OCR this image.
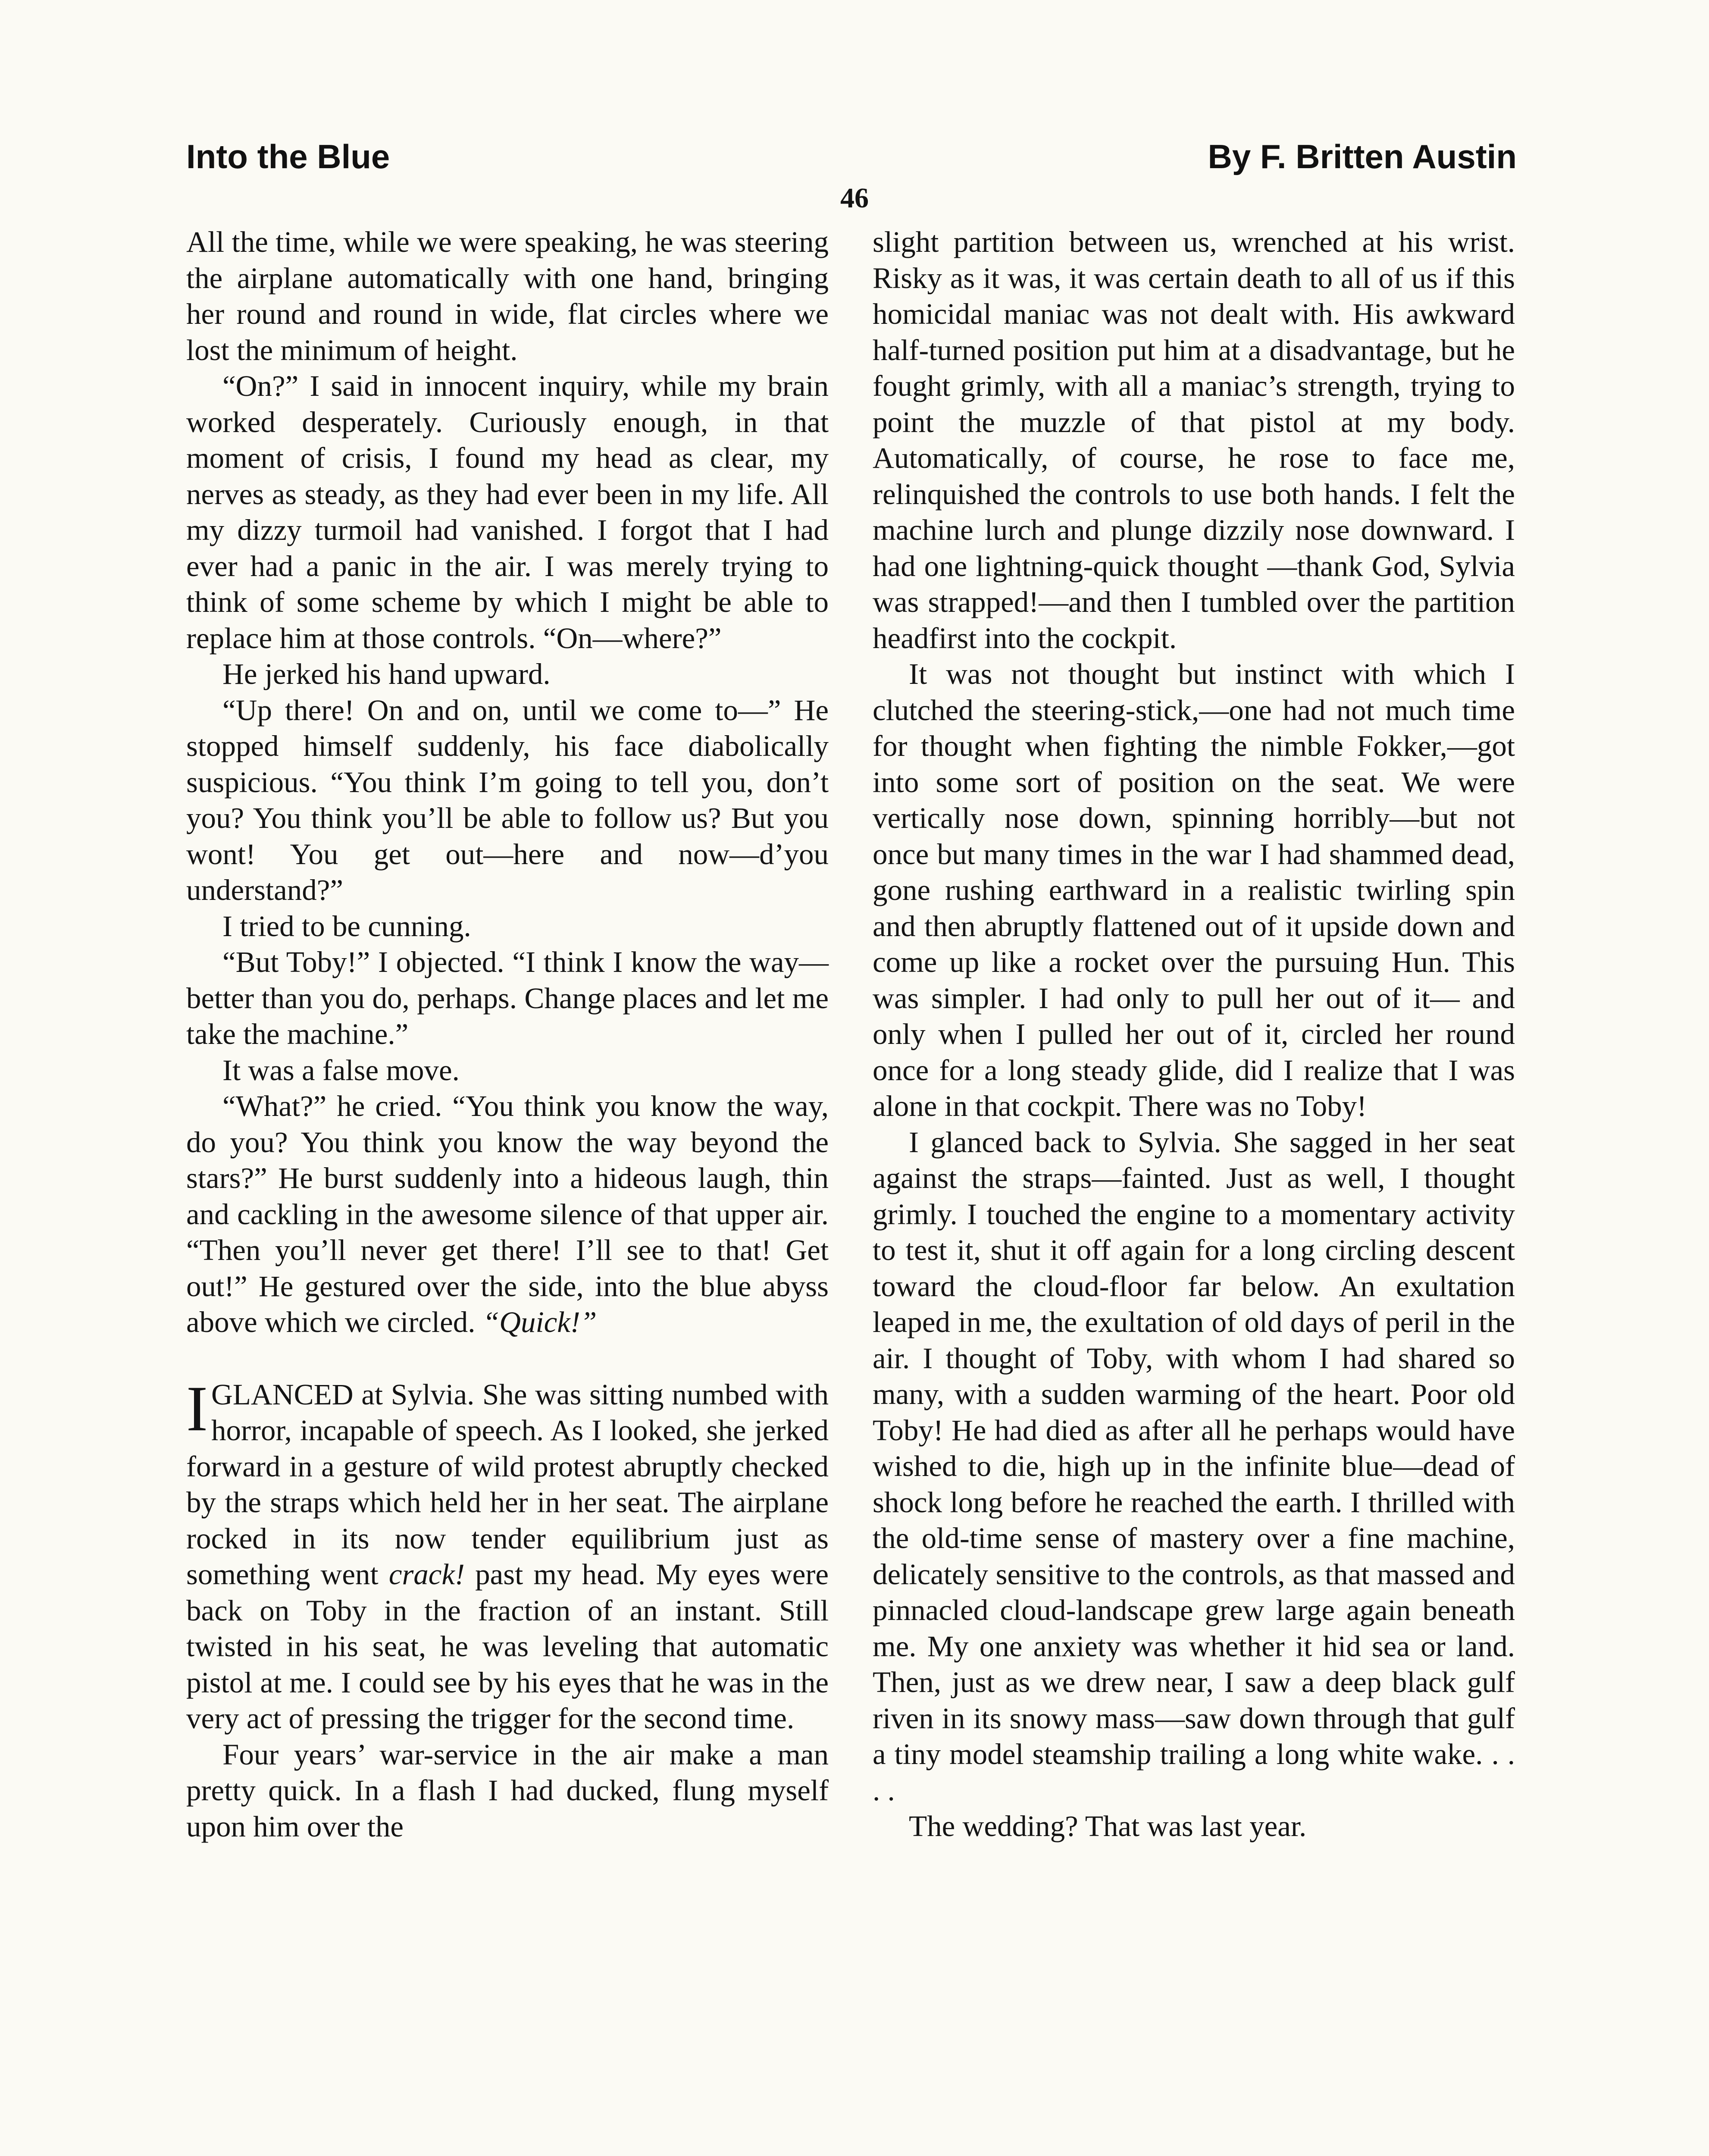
Into the Blue	By F. Britten Austin
46

All the time, while we were speaking, he was steering the airplane automatically with one hand, bringing her round and round in wide, flat circles where we lost the minimum of height.

“On?” I said in innocent inquiry, while my brain worked desperately. Curiously enough, in that moment of crisis, I found my head as clear, my nerves as steady, as they had ever been in my life. All my dizzy turmoil had vanished. I forgot that I had ever had a panic in the air. I was merely trying to think of some scheme by which I might be able to replace him at those controls. “On—where?”

He jerked his hand upward.

“Up there! On and on, until we come to—” He stopped himself suddenly, his face diabolically suspicious. “You think I’m going to tell you, don’t you? You think you’ll be able to follow us? But you wont! You get out—here and now—d’you understand?”

I tried to be cunning.

“But Toby!” I objected. “I think I know the way—better than you do, perhaps. Change places and let me take the machine.”

It was a false move.

“What?” he cried. “You think you know the way, do you? You think you know the way beyond the stars?” He burst suddenly into a hideous laugh, thin and cackling in the awesome silence of that upper air. “Then you’ll never get there! I’ll see to that! Get out!” He gestured over the side, into the blue abyss above which we circled. “Quick!”

I GLANCED at Sylvia. She was sitting numbed with horror, incapable of speech. As I looked, she jerked forward in a gesture of wild protest abruptly checked by the straps which held her in her seat. The airplane rocked in its now tender equilibrium just as something went crack! past my head. My eyes were back on Toby in the fraction of an instant. Still twisted in his seat, he was leveling that automatic pistol at me. I could see by his eyes that he was in the very act of pressing the trigger for the second time.

Four years’ war-service in the air make a man pretty quick. In a flash I had ducked, flung myself upon him over the

slight partition between us, wrenched at his wrist. Risky as it was, it was certain death to all of us if this homicidal maniac was not dealt with. His awkward half-turned position put him at a disadvantage, but he fought grimly, with all a maniac’s strength, trying to point the muzzle of that pistol at my body. Automatically, of course, he rose to face me, relinquished the controls to use both hands. I felt the machine lurch and plunge dizzily nose downward. I had one lightning-quick thought —thank God, Sylvia was strapped!—and then I tumbled over the partition headfirst into the cockpit.

It was not thought but instinct with which I clutched the steering-stick,—one had not much time for thought when fighting the nimble Fokker,—got into some sort of position on the seat. We were vertically nose down, spinning horribly—but not once but many times in the war I had shammed dead, gone rushing earthward in a realistic twirling spin and then abruptly flattened out of it upside down and come up like a rocket over the pursuing Hun. This was simpler. I had only to pull her out of it— and only when I pulled her out of it, circled her round once for a long steady glide, did I realize that I was alone in that cockpit. There was no Toby!

I glanced back to Sylvia. She sagged in her seat against the straps—fainted. Just as well, I thought grimly. I touched the engine to a momentary activity to test it, shut it off again for a long circling descent toward the cloud-floor far below. An exultation leaped in me, the exultation of old days of peril in the air. I thought of Toby, with whom I had shared so many, with a sudden warming of the heart. Poor old Toby! He had died as after all he perhaps would have wished to die, high up in the infinite blue—dead of shock long before he reached the earth. I thrilled with the old-time sense of mastery over a fine machine, delicately sensitive to the controls, as that massed and pinnacled cloud-landscape grew large again beneath me. My one anxiety was whether it hid sea or land. Then, just as we drew near, I saw a deep black gulf riven in its snowy mass—saw down through that gulf a tiny model steamship trailing a long white wake. . . . .

The wedding? That was last year.
